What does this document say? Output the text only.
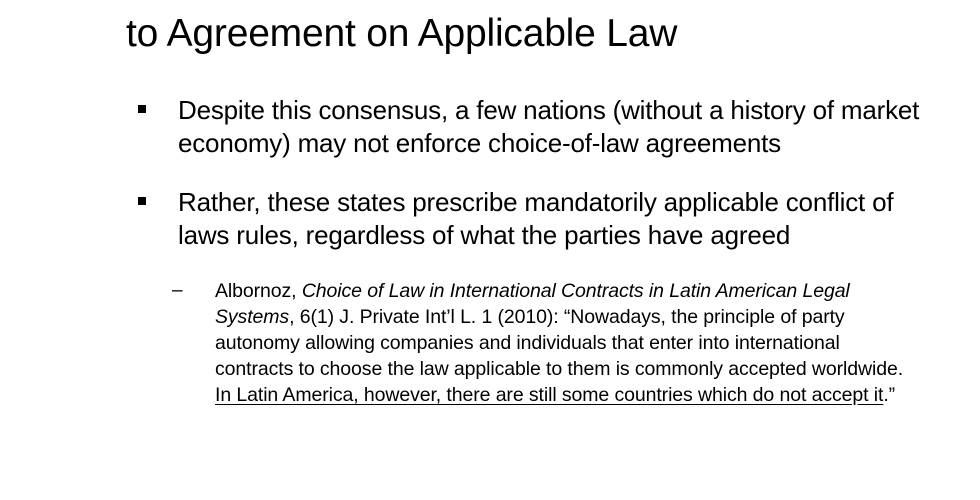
to Agreement on Applicable Law
Despite this consensus, a few nations (without a history of market economy) may not enforce choice-of-law agreements
Rather, these states prescribe mandatorily applicable conflict of laws rules, regardless of what the parties have agreed
– Albornoz, Choice of Law in International Contracts in Latin American Legal Systems, 6(1) J. Private Int’l L. 1 (2010): “Nowadays, the principle of party autonomy allowing companies and individuals that enter into international contracts to choose the law applicable to them is commonly accepted worldwide. In Latin America, however, there are still some countries which do not accept it.”
